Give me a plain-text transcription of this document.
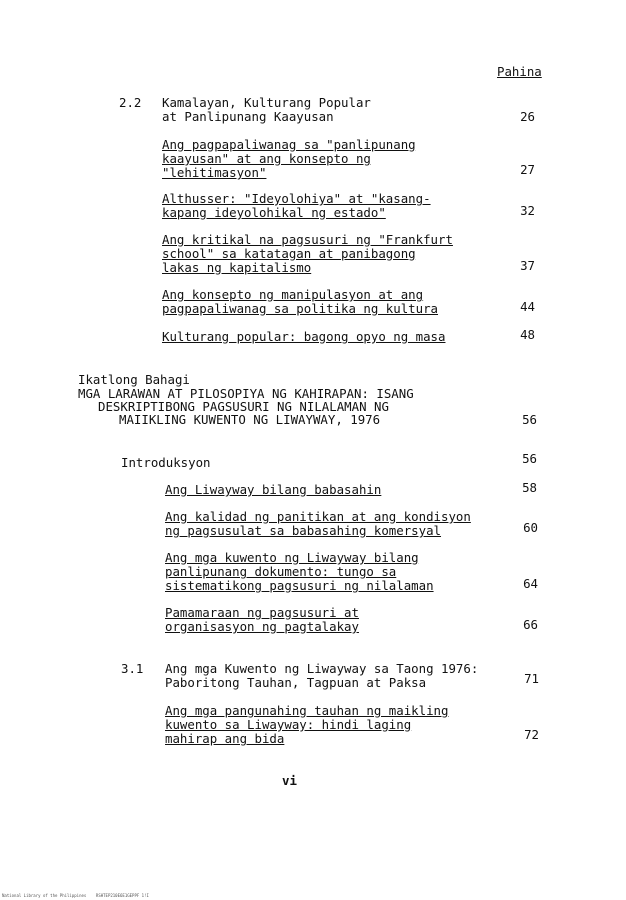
Pahina
2.2 Kamalayan, Kulturang Popular
at Panlipunang Kaayusan	26
Ang pagpapaliwanag sa "panlipunang
kaayusan" at ang konsepto ng
"lehitimasyon"	27
Althusser: "Ideyolohiya" at "kasang-
kapang ideyolohikal ng estado"	32
Ang kritikal na pagsusuri ng "Frankfurt
school" sa katatagan at panibagong
lakas ng kapitalismo	37
Ang konsepto ng manipulasyon at ang
pagpapaliwanag sa politika ng kultura	44
Kulturang popular: bagong opyo ng masa	48
Ikatlong Bahagi
MGA LARAWAN AT PILOSOPIYA NG KAHIRAPAN: ISANG
DESKRIPTIBONG PAGSUSURI NG NILALAMAN NG
MAIIKLING KUWENTO NG LIWAYWAY, 1976	56
Introduksyon	56
Ang Liwayway bilang babasahin	58
Ang kalidad ng panitikan at ang kondisyon
ng pagsusulat sa babasahing komersyal	60
Ang mga kuwento ng Liwayway bilang
panlipunang dokumento: tungo sa
sistematikong pagsusuri ng nilalaman	64
Pamamaraan ng pagsusuri at
organisasyon ng pagtalakay	66
3.1 Ang mga Kuwento ng Liwayway sa Taong 1976:
Paboritong Tauhan, Tagpuan at Paksa	71
Ang mga pangunahing tauhan ng maikling
kuwento sa Liwayway: hindi laging
mahirap ang bida	72
vi
National Library of the Philippines    RSHTEP210E6E1GEPPF 1!I
